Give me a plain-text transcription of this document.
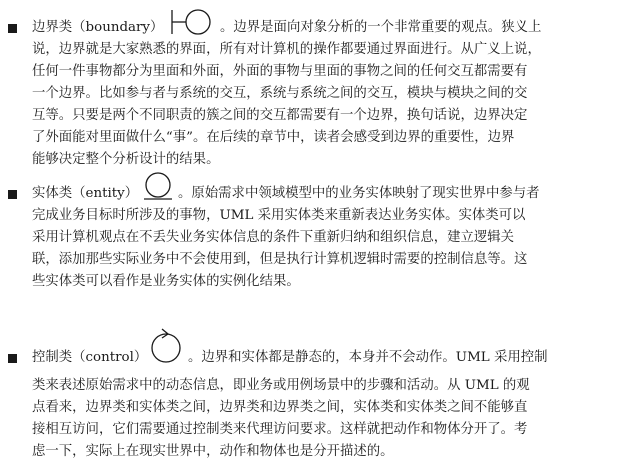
边界类（boundary）	。边界是面向对象分析的一个非常重要的观点。狭义上
说，边界就是大家熟悉的界面，所有对计算机的操作都要通过界面进行。从广义上说，
任何一件事物都分为里面和外面，外面的事物与里面的事物之间的任何交互都需要有
一个边界。比如参与者与系统的交互，系统与系统之间的交互，模块与模块之间的交
互等。只要是两个不同职责的簇之间的交互都需要有一个边界，换句话说，边界决定
了外面能对里面做什么“事”。在后续的章节中，读者会感受到边界的重要性，边界
能够决定整个分析设计的结果。
实体类（entity）	。原始需求中领域模型中的业务实体映射了现实世界中参与者
完成业务目标时所涉及的事物，UML 采用实体类来重新表达业务实体。实体类可以
采用计算机观点在不丢失业务实体信息的条件下重新归纳和组织信息，建立逻辑关
联，添加那些实际业务中不会使用到，但是执行计算机逻辑时需要的控制信息等。这
些实体类可以看作是业务实体的实例化结果。
控制类（control）	。边界和实体都是静态的，本身并不会动作。UML 采用控制
类来表述原始需求中的动态信息，即业务或用例场景中的步骤和活动。从 UML 的观
点看来，边界类和实体类之间，边界类和边界类之间，实体类和实体类之间不能够直
接相互访问，它们需要通过控制类来代理访问要求。这样就把动作和物体分开了。考
虑一下，实际上在现实世界中，动作和物体也是分开描述的。
